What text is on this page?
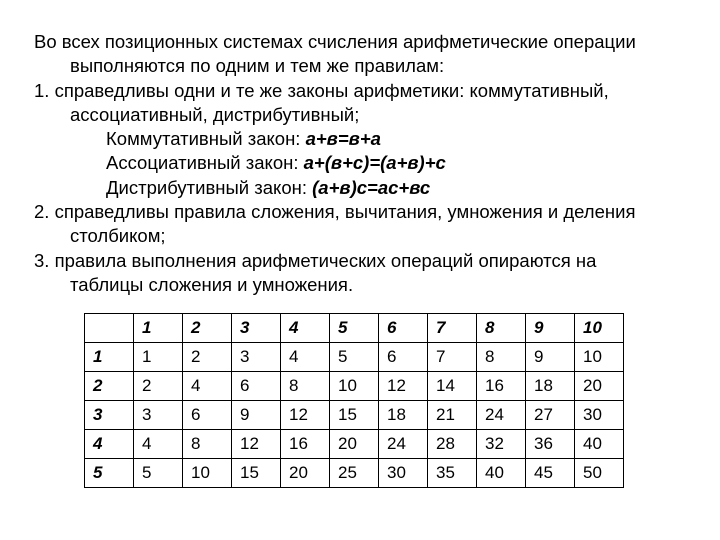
Во всех позиционных системах счисления арифметические операции
выполняются по одним и тем же правилам:
1. справедливы одни и те же законы арифметики: коммутативный,
ассоциативный, дистрибутивный;
Коммутативный закон: а+в=в+а
Ассоциативный закон: а+(в+с)=(а+в)+с
Дистрибутивный закон: (а+в)с=ас+вс
2. справедливы правила сложения, вычитания, умножения и деления
столбиком;
3. правила выполнения арифметических операций опираются на
таблицы сложения и умножения.
	1	2	3	4	5	6	7	8	9	10
1	1	2	3	4	5	6	7	8	9	10
2	2	4	6	8	10	12	14	16	18	20
3	3	6	9	12	15	18	21	24	27	30
4	4	8	12	16	20	24	28	32	36	40
5	5	10	15	20	25	30	35	40	45	50
